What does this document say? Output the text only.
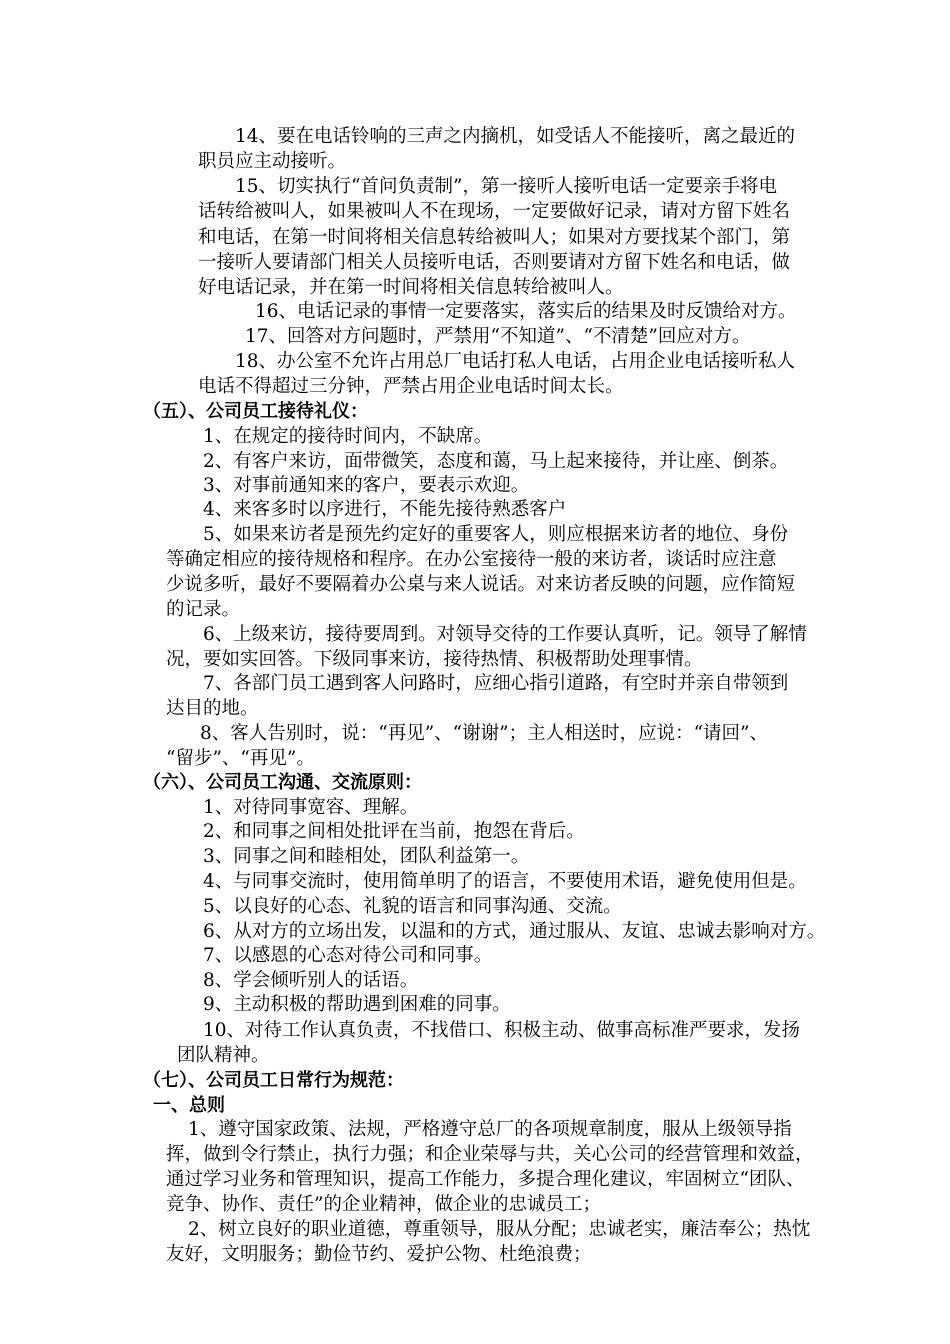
14、要在电话铃响的三声之内摘机，如受话人不能接听，离之最近的
职员应主动接听。
15、切实执行“首问负责制”，第一接听人接听电话一定要亲手将电
话转给被叫人，如果被叫人不在现场，一定要做好记录，请对方留下姓名
和电话，在第一时间将相关信息转给被叫人；如果对方要找某个部门，第
一接听人要请部门相关人员接听电话，否则要请对方留下姓名和电话，做
好电话记录，并在第一时间将相关信息转给被叫人。
16、电话记录的事情一定要落实，落实后的结果及时反馈给对方。
17、回答对方问题时，严禁用“不知道”、“不清楚”回应对方。
18、办公室不允许占用总厂电话打私人电话，占用企业电话接听私人
电话不得超过三分钟，严禁占用企业电话时间太长。
（五）、公司员工接待礼仪：
1、在规定的接待时间内，不缺席。
2、有客户来访，面带微笑，态度和蔼，马上起来接待，并让座、倒茶。
3、对事前通知来的客户，要表示欢迎。
4、来客多时以序进行，不能先接待熟悉客户
5、如果来访者是预先约定好的重要客人，则应根据来访者的地位、身份
等确定相应的接待规格和程序。在办公室接待一般的来访者，谈话时应注意
少说多听，最好不要隔着办公桌与来人说话。对来访者反映的问题，应作简短
的记录。
6、上级来访，接待要周到。对领导交待的工作要认真听，记。领导了解情
况，要如实回答。下级同事来访，接待热情、积极帮助处理事情。
7、各部门员工遇到客人问路时，应细心指引道路，有空时并亲自带领到
达目的地。
8、客人告别时，说：“再见”、“谢谢”；主人相送时，应说：“请回”、
“留步”、“再见”。
（六）、公司员工沟通、交流原则：
1、对待同事宽容、理解。
2、和同事之间相处批评在当前，抱怨在背后。
3、同事之间和睦相处，团队利益第一。
4、与同事交流时，使用简单明了的语言，不要使用术语，避免使用但是。
5、以良好的心态、礼貌的语言和同事沟通、交流。
6、从对方的立场出发，以温和的方式，通过服从、友谊、忠诚去影响对方。
7、以感恩的心态对待公司和同事。
8、学会倾听别人的话语。
9、主动积极的帮助遇到困难的同事。
10、对待工作认真负责，不找借口、积极主动、做事高标准严要求，发扬
团队精神。
（七）、公司员工日常行为规范：
一、总则
1、遵守国家政策、法规，严格遵守总厂的各项规章制度，服从上级领导指
挥，做到令行禁止，执行力强；和企业荣辱与共，关心公司的经营管理和效益，
通过学习业务和管理知识，提高工作能力，多提合理化建议，牢固树立“团队、
竞争、协作、责任”的企业精神，做企业的忠诚员工；
2、树立良好的职业道德，尊重领导，服从分配；忠诚老实，廉洁奉公；热忱
友好，文明服务；勤俭节约、爱护公物、杜绝浪费；
